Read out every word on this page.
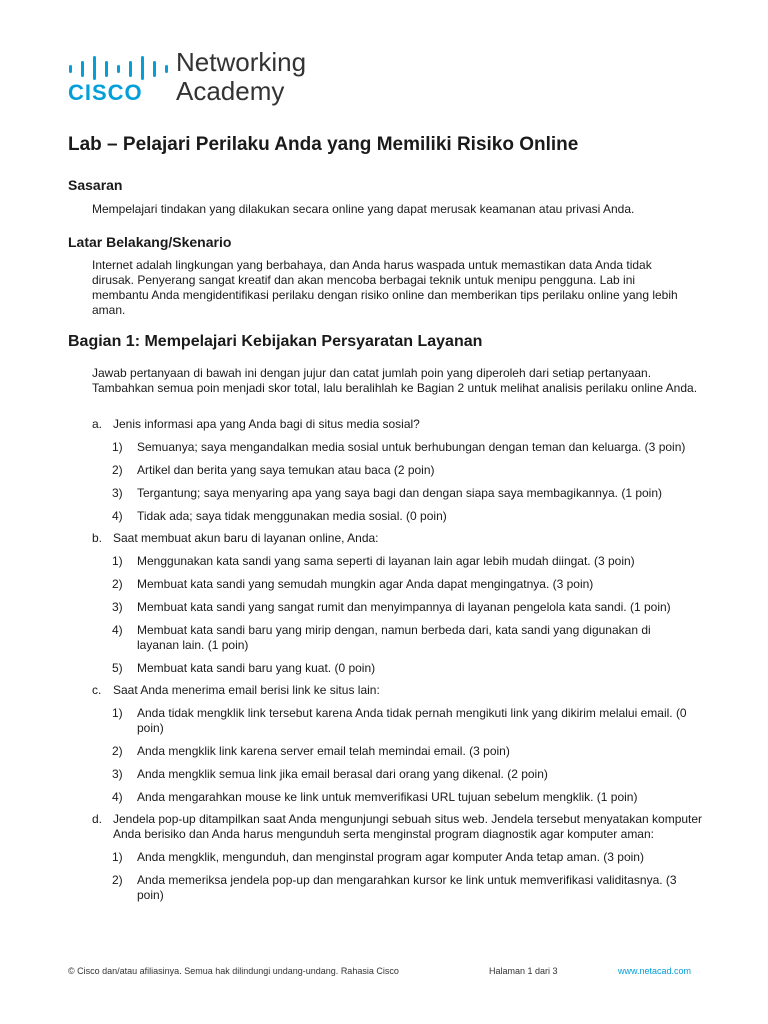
CISCO
Networking
Academy
Lab – Pelajari Perilaku Anda yang Memiliki Risiko Online

Sasaran

Mempelajari tindakan yang dilakukan secara online yang dapat merusak keamanan atau privasi Anda.

Latar Belakang/Skenario

Internet adalah lingkungan yang berbahaya, dan Anda harus waspada untuk memastikan data Anda tidak dirusak. Penyerang sangat kreatif dan akan mencoba berbagai teknik untuk menipu pengguna. Lab ini membantu Anda mengidentifikasi perilaku dengan risiko online dan memberikan tips perilaku online yang lebih aman.

Bagian 1: Mempelajari Kebijakan Persyaratan Layanan

Jawab pertanyaan di bawah ini dengan jujur dan catat jumlah poin yang diperoleh dari setiap pertanyaan. Tambahkan semua poin menjadi skor total, lalu beralihlah ke Bagian 2 untuk melihat analisis perilaku online Anda.

a. Jenis informasi apa yang Anda bagi di situs media sosial?

1) Semuanya; saya mengandalkan media sosial untuk berhubungan dengan teman dan keluarga. (3 poin)

2) Artikel dan berita yang saya temukan atau baca (2 poin)

3) Tergantung; saya menyaring apa yang saya bagi dan dengan siapa saya membagikannya. (1 poin)

4) Tidak ada; saya tidak menggunakan media sosial. (0 poin)

b. Saat membuat akun baru di layanan online, Anda:

1) Menggunakan kata sandi yang sama seperti di layanan lain agar lebih mudah diingat. (3 poin)

2) Membuat kata sandi yang semudah mungkin agar Anda dapat mengingatnya. (3 poin)

3) Membuat kata sandi yang sangat rumit dan menyimpannya di layanan pengelola kata sandi. (1 poin)

4) Membuat kata sandi baru yang mirip dengan, namun berbeda dari, kata sandi yang digunakan di layanan lain. (1 poin)

5) Membuat kata sandi baru yang kuat. (0 poin)

c. Saat Anda menerima email berisi link ke situs lain:

1) Anda tidak mengklik link tersebut karena Anda tidak pernah mengikuti link yang dikirim melalui email. (0 poin)

2) Anda mengklik link karena server email telah memindai email. (3 poin)

3) Anda mengklik semua link jika email berasal dari orang yang dikenal. (2 poin)

4) Anda mengarahkan mouse ke link untuk memverifikasi URL tujuan sebelum mengklik. (1 poin)

d. Jendela pop-up ditampilkan saat Anda mengunjungi sebuah situs web. Jendela tersebut menyatakan komputer Anda berisiko dan Anda harus mengunduh serta menginstal program diagnostik agar komputer aman:

1) Anda mengklik, mengunduh, dan menginstal program agar komputer Anda tetap aman. (3 poin)

2) Anda memeriksa jendela pop-up dan mengarahkan kursor ke link untuk memverifikasi validitasnya. (3 poin)

© Cisco dan/atau afiliasinya. Semua hak dilindungi undang-undang. Rahasia Cisco	Halaman 1 dari 3	www.netacad.com
